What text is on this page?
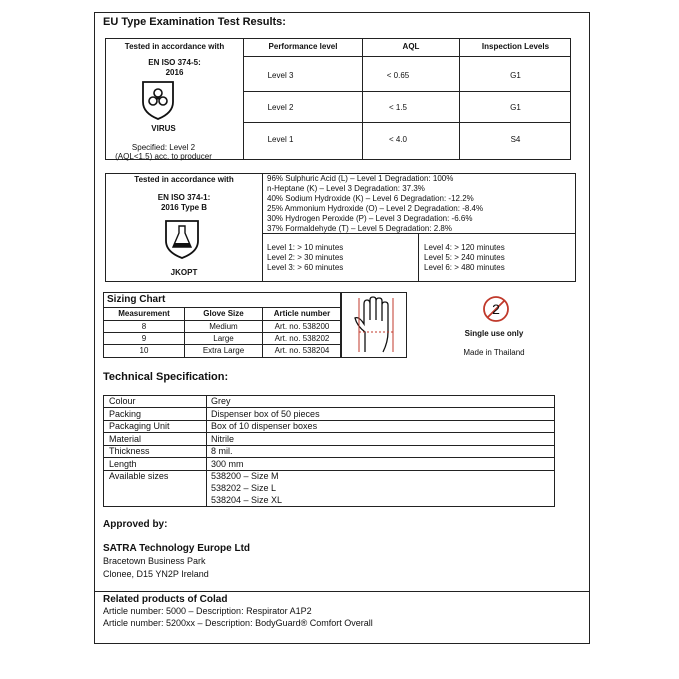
EU Type Examination Test Results:
Tested in accordance with
EN ISO 374-5:
2016
VIRUS
Specified: Level 2
(AQL<1.5) acc. to producer
Performance level	AQL	Inspection Levels
Level 3	< 0.65	G1
Level 2	< 1.5	G1
Level 1	< 4.0	S4
Tested in accordance with
EN ISO 374-1:
2016 Type B
JKOPT
96% Sulphuric Acid (L) – Level 1 Degradation: 100%
n-Heptane (K) – Level 3 Degradation: 37.3%
40% Sodium Hydroxide (K) – Level 6 Degradation: -12.2%
25% Ammonium Hydroxide (O) – Level 2 Degradation: -8.4%
30% Hydrogen Peroxide (P) – Level 3 Degradation: -6.6%
37% Formaldehyde (T) – Level 5 Degradation: 2.8%
Level 1: > 10 minutes
Level 2: > 30 minutes
Level 3: > 60 minutes
Level 4: > 120 minutes
Level 5: > 240 minutes
Level 6: > 480 minutes
Sizing Chart
Measurement	Glove Size	Article number
8	Medium	Art. no. 538200
9	Large	Art. no. 538202
10	Extra Large	Art. no. 538204
2
Single use only
Made in Thailand
Technical Specification:
Colour	Grey
Packing	Dispenser box of 50 pieces
Packaging Unit	Box of 10 dispenser boxes
Material	Nitrile
Thickness	8 mil.
Length	300 mm
Available sizes	538200 – Size M
538202 – Size L
538204 – Size XL
Approved by:
SATRA Technology Europe Ltd
Bracetown Business Park
Clonee, D15 YN2P Ireland
Related products of Colad
Article number: 5000 – Description: Respirator A1P2
Article number: 5200xx – Description: BodyGuard® Comfort Overall
